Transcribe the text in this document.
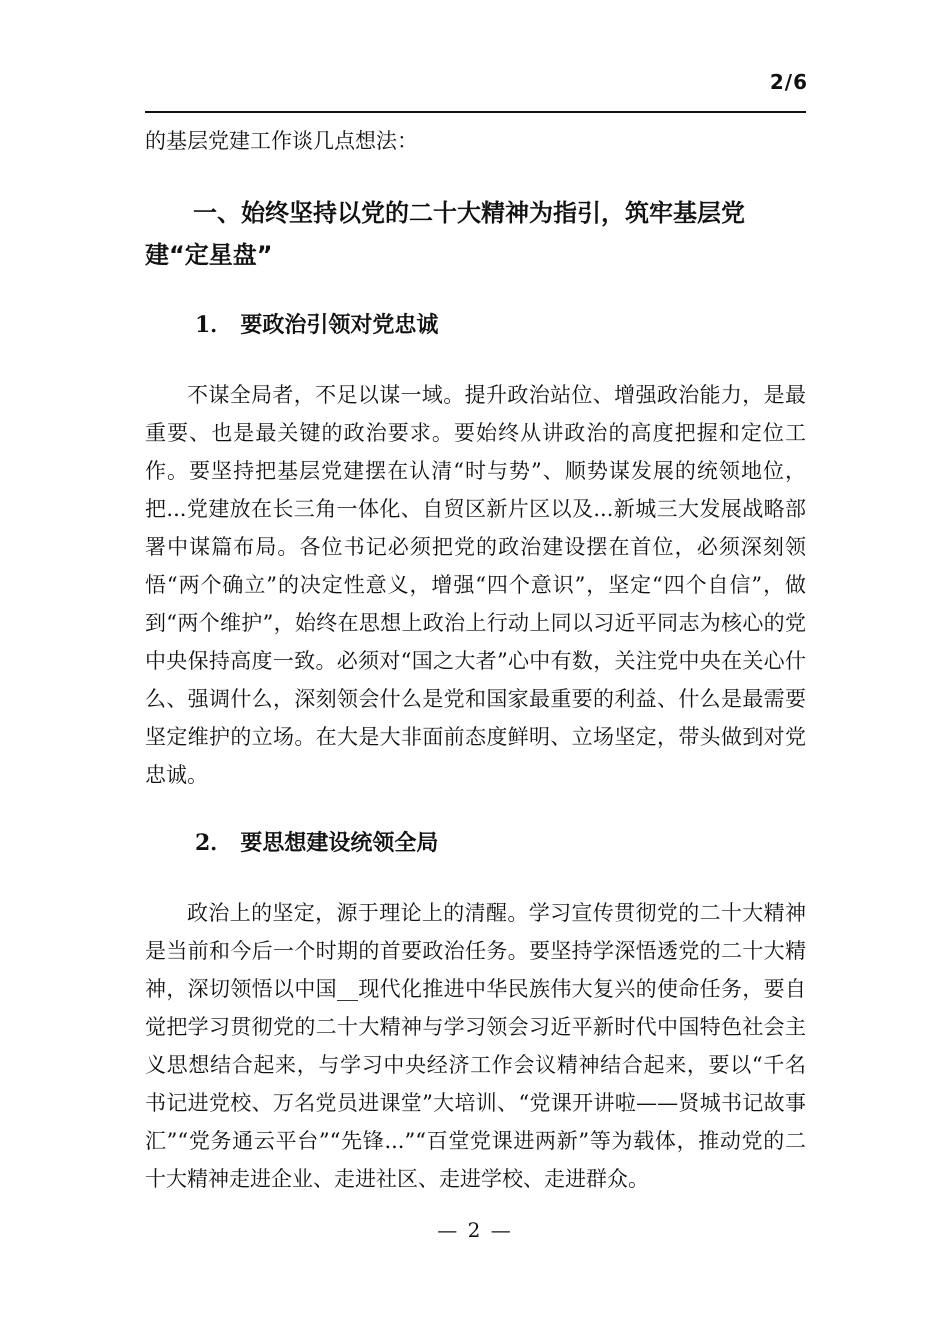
2/6

的基层党建工作谈几点想法：

一、始终坚持以党的二十大精神为指引，筑牢基层党建“定星盘”
1． 要政治引领对党忠诚

不谋全局者，不足以谋一域。提升政治站位、增强政治能力，是最重要、也是最关键的政治要求。要始终从讲政治的高度把握和定位工作。要坚持把基层党建摆在认清“时与势”、顺势谋发展的统领地位，把...党建放在长三角一体化、自贸区新片区以及...新城三大发展战略部署中谋篇布局。各位书记必须把党的政治建设摆在首位，必须深刻领悟“两个确立”的决定性意义，增强“四个意识”，坚定“四个自信”，做到“两个维护”，始终在思想上政治上行动上同以习近平同志为核心的党中央保持高度一致。必须对“国之大者”心中有数，关注党中央在关心什么、强调什么，深刻领会什么是党和国家最重要的利益、什么是最需要坚定维护的立场。在大是大非面前态度鲜明、立场坚定，带头做到对党忠诚。

2． 要思想建设统领全局

政治上的坚定，源于理论上的清醒。学习宣传贯彻党的二十大精神是当前和今后一个时期的首要政治任务。要坚持学深悟透党的二十大精神，深切领悟以中国__现代化推进中华民族伟大复兴的使命任务，要自觉把学习贯彻党的二十大精神与学习领会习近平新时代中国特色社会主义思想结合起来，与学习中央经济工作会议精神结合起来，要以“千名书记进党校、万名党员进课堂”大培训、“党课开讲啦——贤城书记故事汇”“党务通云平台”“先锋...”“百堂党课进两新”等为载体，推动党的二十大精神走进企业、走进社区、走进学校、走进群众。

— 2 —
